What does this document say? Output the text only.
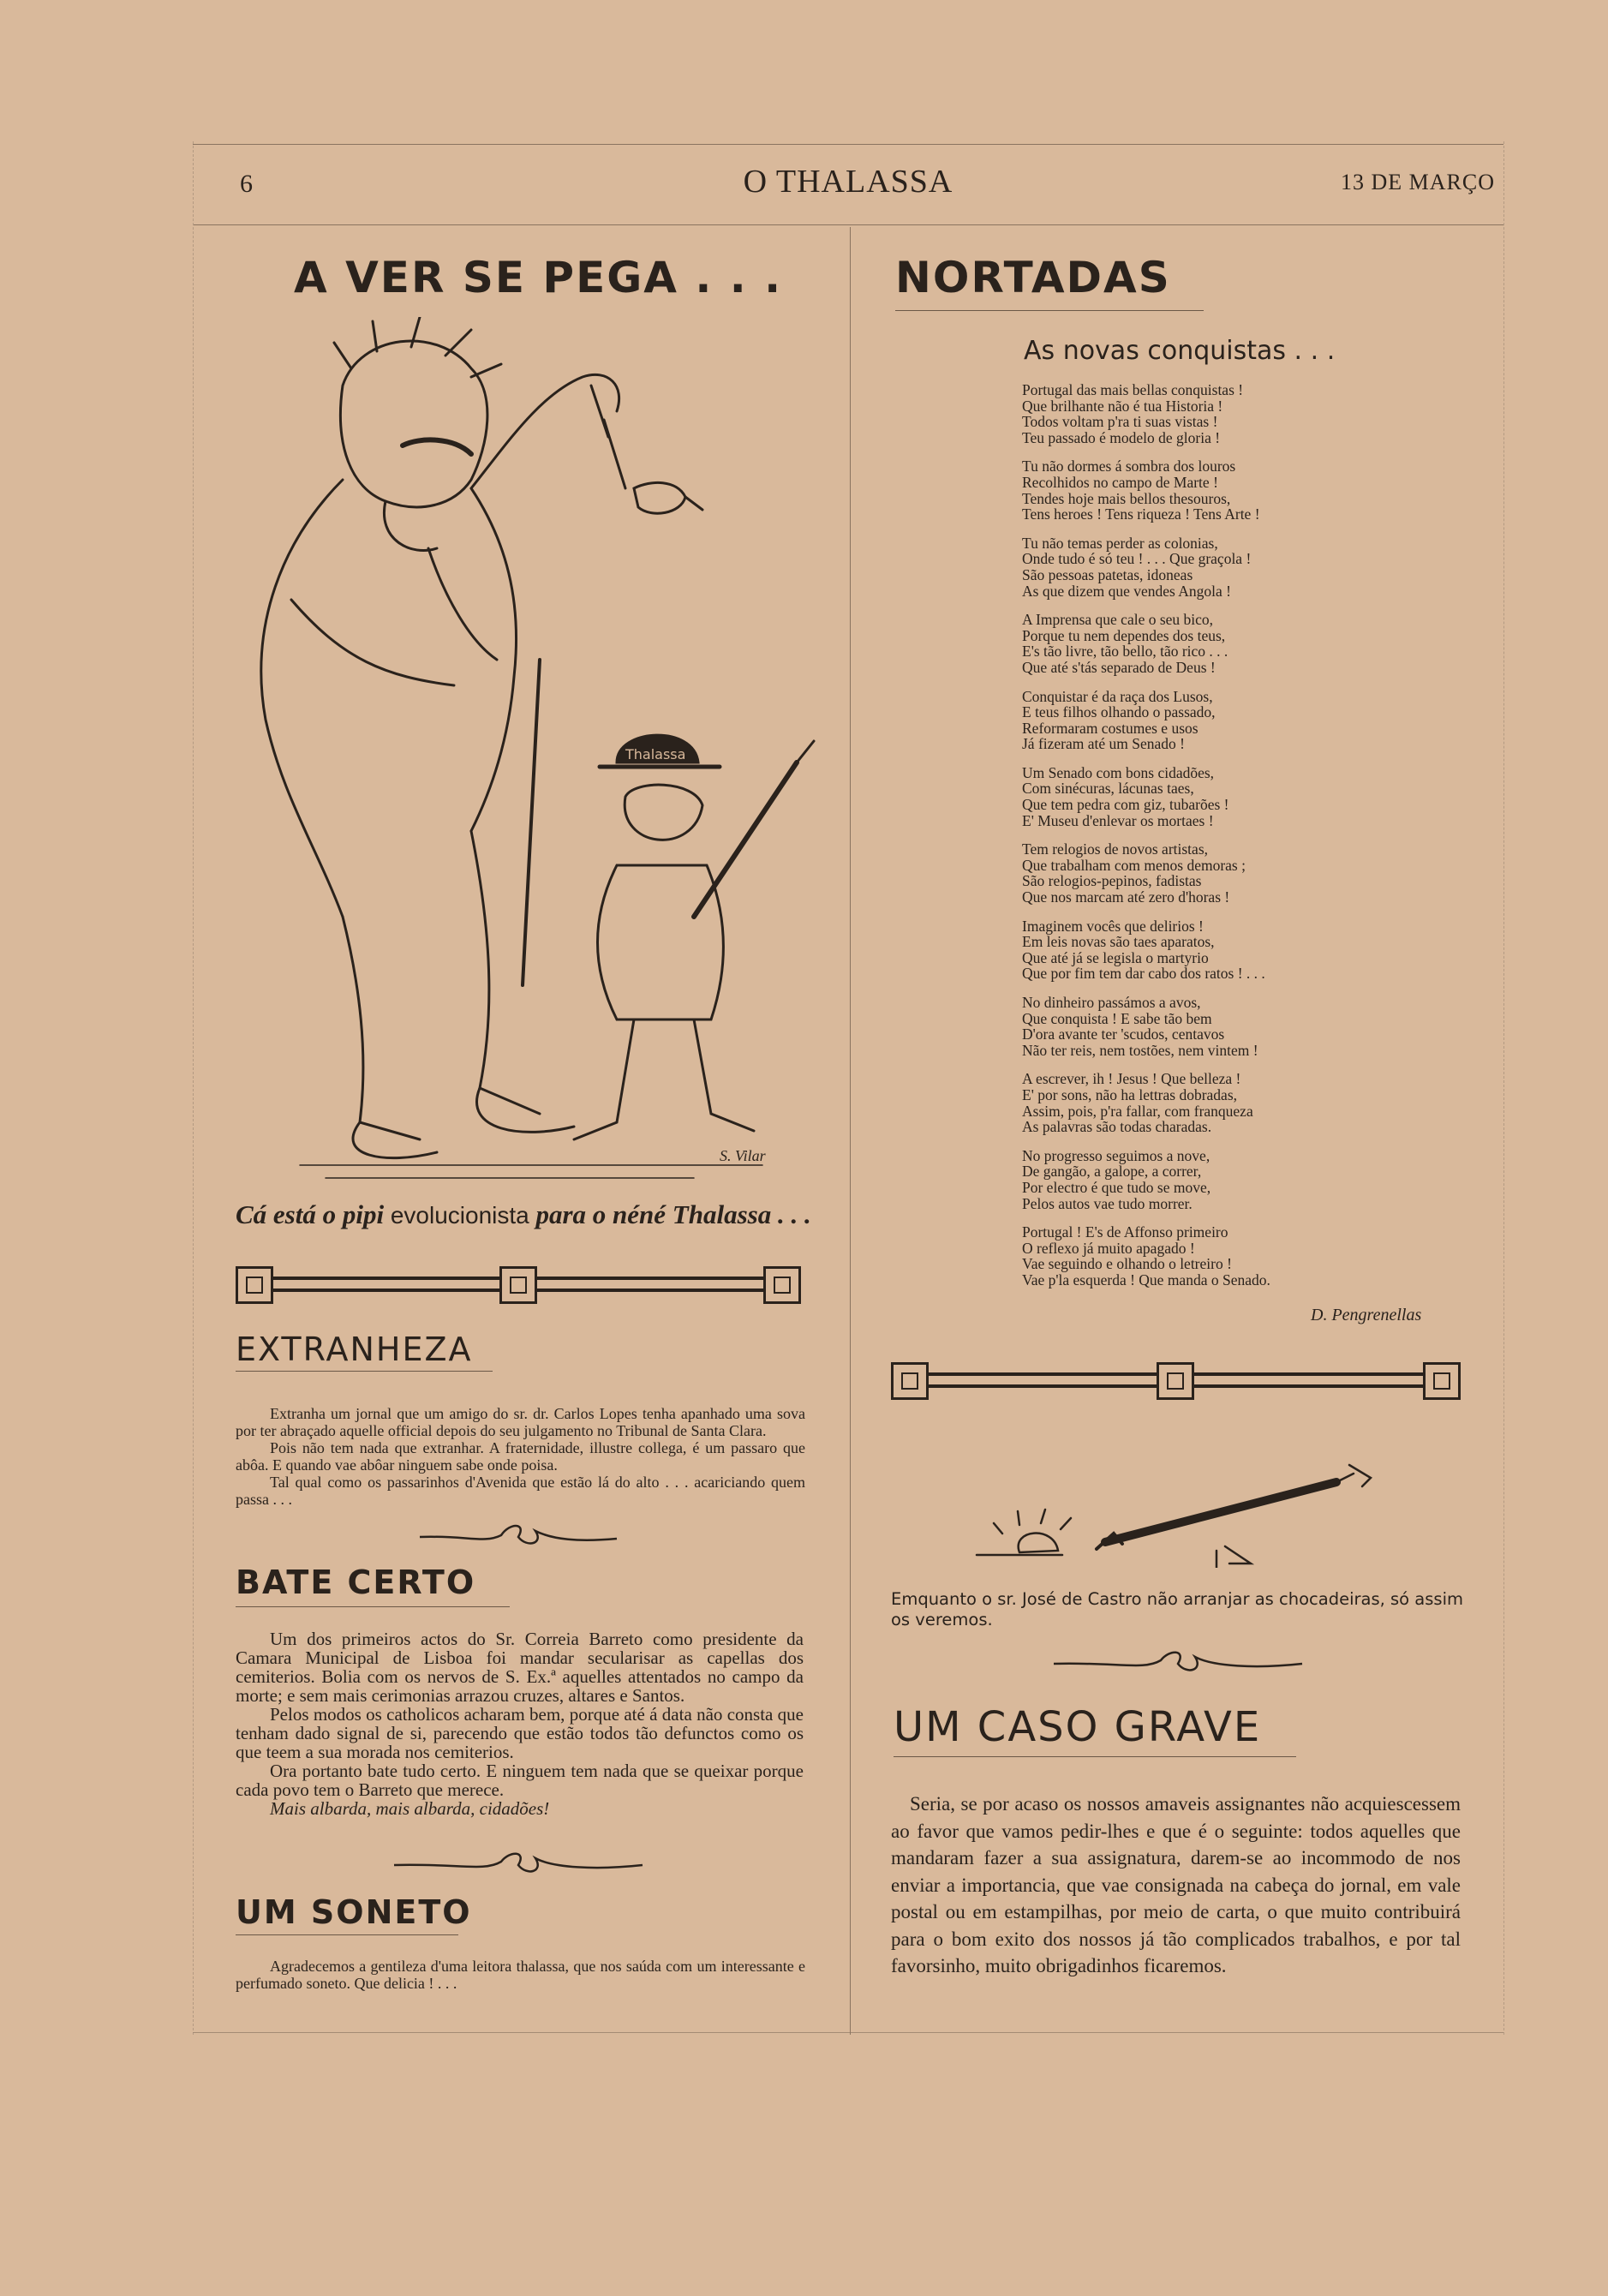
6	O THALASSA	13 DE MARÇO
A VER SE PEGA . . .
Thalassa
S. Vilar
Cá está o pipi evolucionista para o néné Thalassa . . .
EXTRANHEZA

Extranha um jornal que um amigo do sr. dr. Carlos Lopes tenha apanhado uma sova por ter abraçado aquelle official depois do seu julgamento no Tribunal de Santa Clara.

Pois não tem nada que extranhar. A fraternidade, illustre collega, é um passaro que abôa. E quando vae abôar ninguem sabe onde poisa.

Tal qual como os passarinhos d'Avenida que estão lá do alto . . . acariciando quem passa . . .

BATE CERTO

Um dos primeiros actos do Sr. Correia Barreto como presidente da Camara Municipal de Lisboa foi mandar secularisar as capellas dos cemiterios. Bolia com os nervos de S. Ex.ª aquelles attentados no campo da morte; e sem mais cerimonias arrazou cruzes, altares e Santos.

Pelos modos os catholicos acharam bem, porque até á data não consta que tenham dado signal de si, parecendo que estão todos tão defunctos como os que teem a sua morada nos cemiterios.

Ora portanto bate tudo certo. E ninguem tem nada que se queixar porque cada povo tem o Barreto que merece.

Mais albarda, mais albarda, cidadões!

UM SONETO

Agradecemos a gentileza d'uma leitora thalassa, que nos saúda com um interessante e perfumado soneto. Que delicia ! . . .

NORTADAS
As novas conquistas . . .
Portugal das mais bellas conquistas !
Que brilhante não é tua Historia !
Todos voltam p'ra ti suas vistas !
Teu passado é modelo de gloria !
Tu não dormes á sombra dos louros
Recolhidos no campo de Marte !
Tendes hoje mais bellos thesouros,
Tens heroes ! Tens riqueza ! Tens Arte !
Tu não temas perder as colonias,
Onde tudo é só teu ! . . . Que graçola !
São pessoas patetas, idoneas
As que dizem que vendes Angola !
A Imprensa que cale o seu bico,
Porque tu nem dependes dos teus,
E's tão livre, tão bello, tão rico . . .
Que até s'tás separado de Deus !
Conquistar é da raça dos Lusos,
E teus filhos olhando o passado,
Reformaram costumes e usos
Já fizeram até um Senado !
Um Senado com bons cidadões,
Com sinécuras, lácunas taes,
Que tem pedra com giz, tubarões !
E' Museu d'enlevar os mortaes !
Tem relogios de novos artistas,
Que trabalham com menos demoras ;
São relogios-pepinos, fadistas
Que nos marcam até zero d'horas !
Imaginem vocês que delirios !
Em leis novas são taes aparatos,
Que até já se legisla o martyrio
Que por fim tem dar cabo dos ratos ! . . .
No dinheiro passámos a avos,
Que conquista ! E sabe tão bem
D'ora avante ter 'scudos, centavos
Não ter reis, nem tostões, nem vintem !
A escrever, ih ! Jesus ! Que belleza !
E' por sons, não ha lettras dobradas,
Assim, pois, p'ra fallar, com franqueza
As palavras são todas charadas.
No progresso seguimos a nove,
De gangão, a galope, a correr,
Por electro é que tudo se move,
Pelos autos vae tudo morrer.
Portugal ! E's de Affonso primeiro
O reflexo já muito apagado !
Vae seguindo e olhando o letreiro !
Vae p'la esquerda ! Que manda o Senado.
D. Pengrenellas
Emquanto o sr. José de Castro não arranjar as chocadeiras, só assim os veremos.
UM CASO GRAVE

Seria, se por acaso os nossos amaveis assignantes não acquiescessem ao favor que vamos pedir-lhes e que é o seguinte: todos aquelles que mandaram fazer a sua assignatura, darem-se ao incommodo de nos enviar a importancia, que vae consignada na cabeça do jornal, em vale postal ou em estampilhas, por meio de carta, o que muito contribuirá para o bom exito dos nossos já tão complicados trabalhos, e por tal favorsinho, muito obrigadinhos ficaremos.
